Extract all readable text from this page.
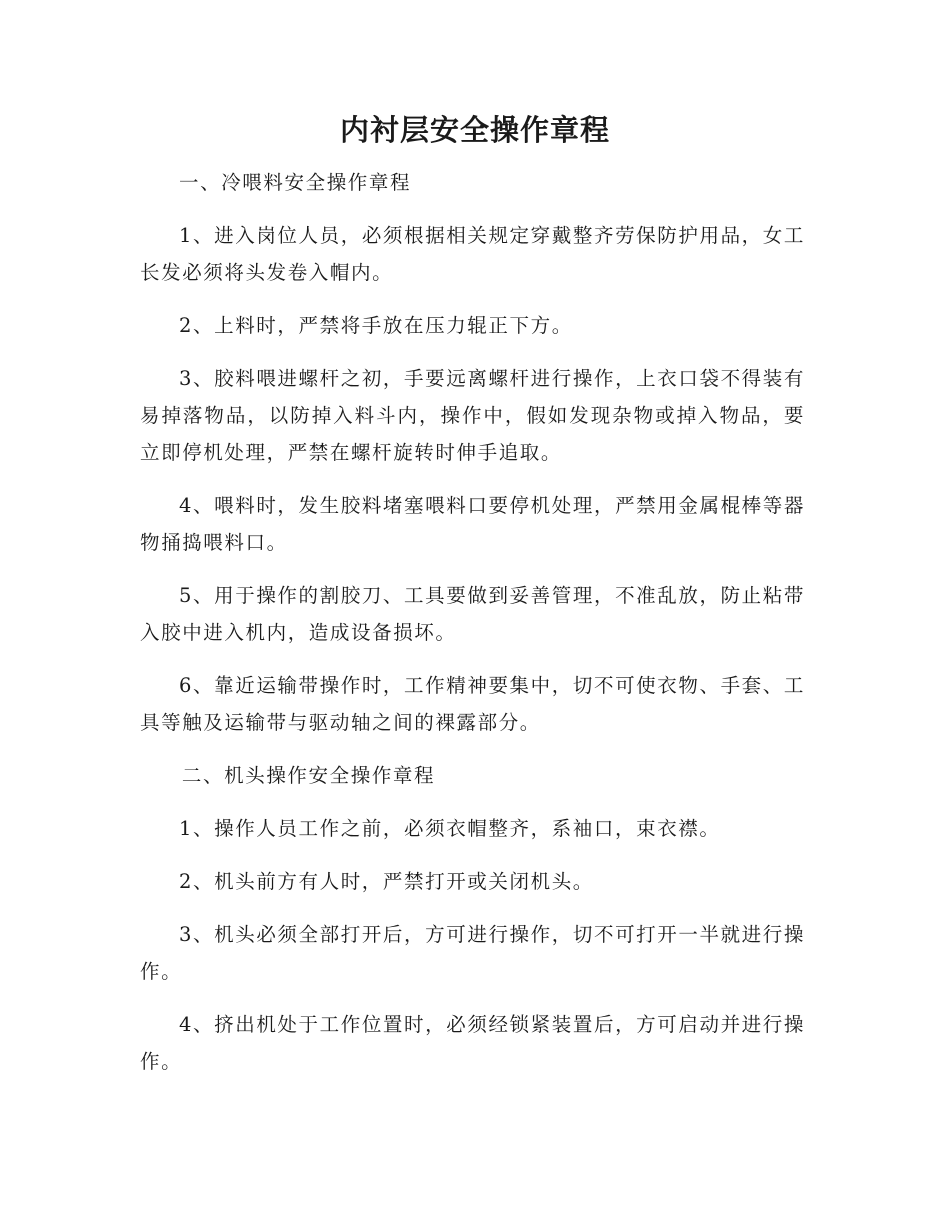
内衬层安全操作章程

一、冷喂料安全操作章程

1、进入岗位人员，必须根据相关规定穿戴整齐劳保防护用品，女工长发必须将头发卷入帽内。

2、上料时，严禁将手放在压力辊正下方。

3、胶料喂进螺杆之初，手要远离螺杆进行操作，上衣口袋不得装有易掉落物品，以防掉入料斗内，操作中，假如发现杂物或掉入物品，要立即停机处理，严禁在螺杆旋转时伸手追取。

4、喂料时，发生胶料堵塞喂料口要停机处理，严禁用金属棍棒等器物捅捣喂料口。

5、用于操作的割胶刀、工具要做到妥善管理，不准乱放，防止粘带入胶中进入机内，造成设备损坏。

6、靠近运输带操作时，工作精神要集中，切不可使衣物、手套、工具等触及运输带与驱动轴之间的裸露部分。

二、机头操作安全操作章程

1、操作人员工作之前，必须衣帽整齐，系袖口，束衣襟。

2、机头前方有人时，严禁打开或关闭机头。

3、机头必须全部打开后，方可进行操作，切不可打开一半就进行操作。

4、挤出机处于工作位置时，必须经锁紧装置后，方可启动并进行操作。
